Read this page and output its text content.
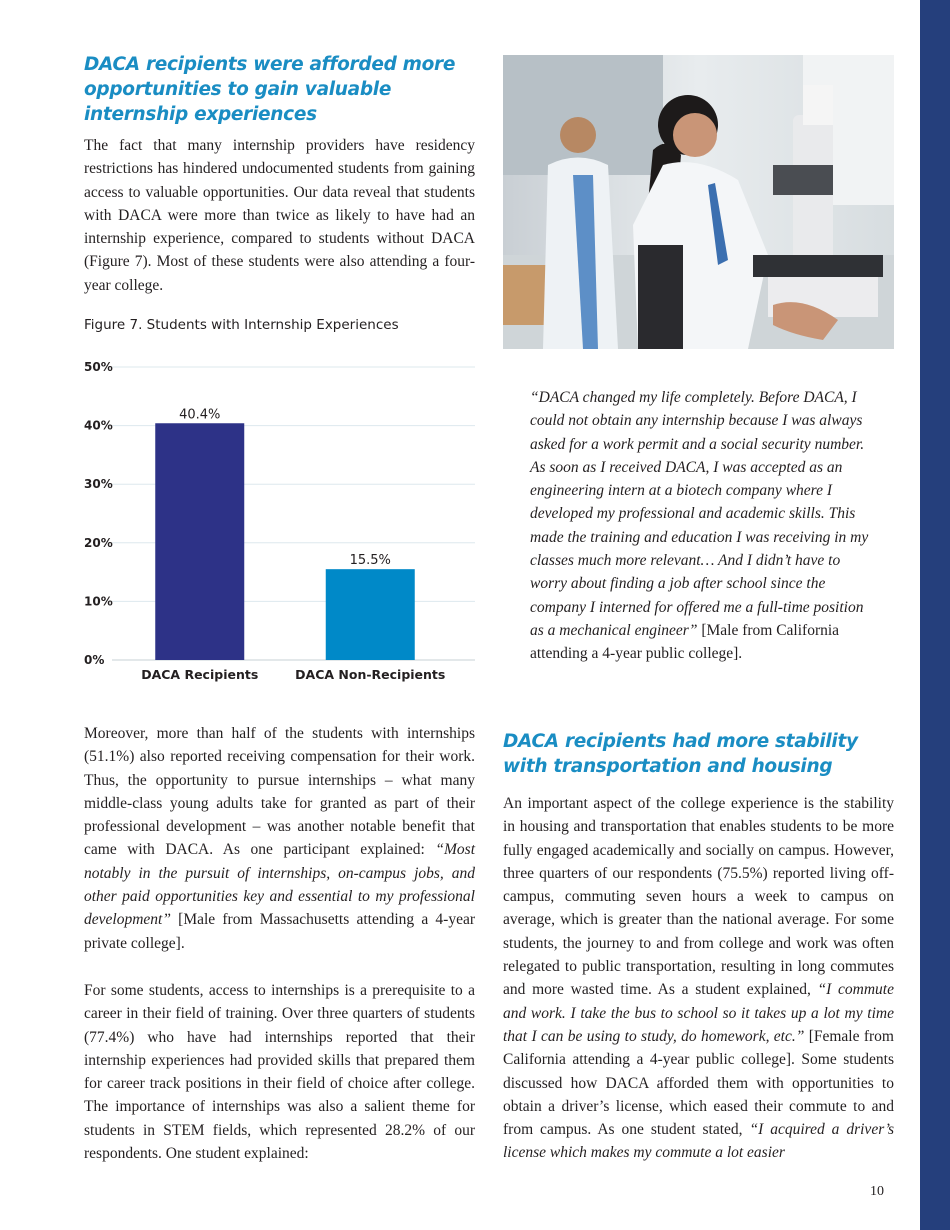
DACA recipients were afforded more
opportunities to gain valuable
internship experiences

The fact that many internship providers have residency restrictions has hindered undocumented students from gaining access to valuable opportunities. Our data reveal that students with DACA were more than twice as likely to have had an internship experience, compared to students without DACA (Figure 7). Most of these students were also attending a four-year college.

Figure 7. Students with Internship Experiences

0%
10%
20%
30%
40%
50%
40.4%
DACA Recipients
15.5%
DACA Non-Recipients

“DACA changed my life completely. Before DACA, I could not obtain any internship because I was always asked for a work permit and a social security number. As soon as I received DACA, I was accepted as an engineering intern at a biotech company where I developed my professional and academic skills. This made the training and education I was receiving in my classes much more relevant… And I didn’t have to worry about finding a job after school since the company I interned for offered me a full-time position as a mechanical engineer” [Male from California attending a 4-year public college].

Moreover, more than half of the students with internships (51.1%) also reported receiving compensation for their work. Thus, the opportunity to pursue internships – what many middle-class young adults take for granted as part of their professional development – was another notable benefit that came with DACA. As one participant explained: “Most notably in the pursuit of internships, on-campus jobs, and other paid opportunities key and essential to my professional development” [Male from Massachusetts attending a 4-year private college].

For some students, access to internships is a prerequisite to a career in their field of training. Over three quarters of students (77.4%) who have had internships reported that their internship experiences had provided skills that prepared them for career track positions in their field of choice after college. The importance of internships was also a salient theme for students in STEM fields, which represented 28.2% of our respondents. One student explained:

DACA recipients had more stability
with transportation and housing

An important aspect of the college experience is the stability in housing and transportation that enables students to be more fully engaged academically and socially on campus. However, three quarters of our respondents (75.5%) reported living off-campus, commuting seven hours a week to campus on average, which is greater than the national average. For some students, the journey to and from college and work was often relegated to public transportation, resulting in long commutes and more wasted time. As a student explained, “I commute and work. I take the bus to school so it takes up a lot my time that I can be using to study, do homework, etc.” [Female from California attending a 4-year public college]. Some students discussed how DACA afforded them with opportunities to obtain a driver’s license, which eased their commute to and from campus. As one student stated, “I acquired a driver’s license which makes my commute a lot easier

10
